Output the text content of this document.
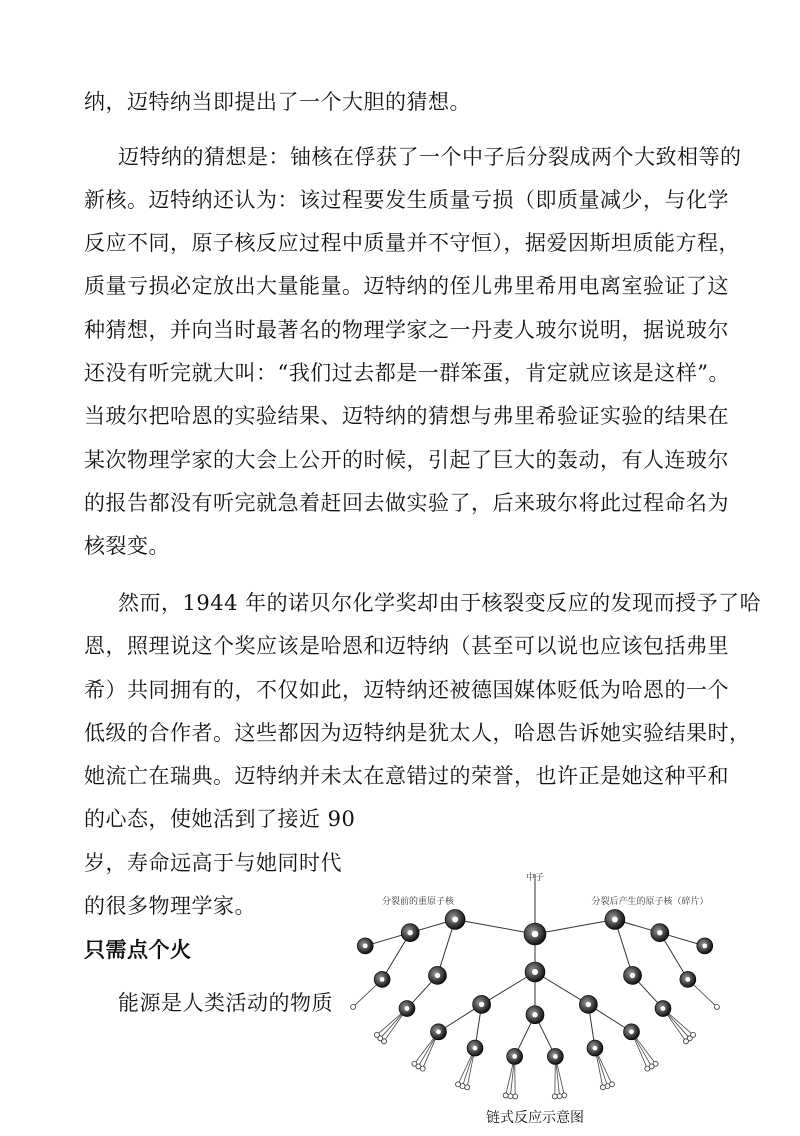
纳，迈特纳当即提出了一个大胆的猜想。
迈特纳的猜想是：铀核在俘获了一个中子后分裂成两个大致相等的
新核。迈特纳还认为：该过程要发生质量亏损（即质量减少，与化学
反应不同，原子核反应过程中质量并不守恒），据爱因斯坦质能方程，
质量亏损必定放出大量能量。迈特纳的侄儿弗里希用电离室验证了这
种猜想，并向当时最著名的物理学家之一丹麦人玻尔说明，据说玻尔
还没有听完就大叫：“我们过去都是一群笨蛋，肯定就应该是这样”。
当玻尔把哈恩的实验结果、迈特纳的猜想与弗里希验证实验的结果在
某次物理学家的大会上公开的时候，引起了巨大的轰动，有人连玻尔
的报告都没有听完就急着赶回去做实验了，后来玻尔将此过程命名为
核裂变。
然而，1944 年的诺贝尔化学奖却由于核裂变反应的发现而授予了哈
恩，照理说这个奖应该是哈恩和迈特纳（甚至可以说也应该包括弗里
希）共同拥有的，不仅如此，迈特纳还被德国媒体贬低为哈恩的一个
低级的合作者。这些都因为迈特纳是犹太人，哈恩告诉她实验结果时，
她流亡在瑞典。迈特纳并未太在意错过的荣誉，也许正是她这种平和
的心态，使她活到了接近 90
岁，寿命远高于与她同时代
的很多物理学家。
只需点个火
能源是人类活动的物质
中子
分裂前的重原子核	分裂后产生的原子核（碎片）
链式反应示意图
